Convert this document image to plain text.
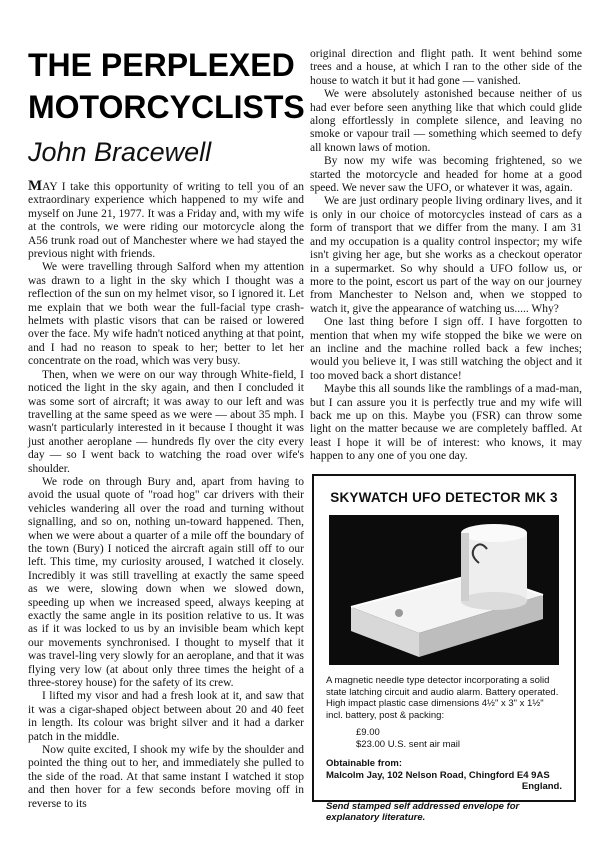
THE PERPLEXED
MOTORCYCLISTS
John Bracewell

MAY I take this opportunity of writing to tell you of an extraordinary experience which happened to my wife and myself on June 21, 1977. It was a Friday and, with my wife at the controls, we were riding our motorcycle along the A56 trunk road out of Manchester where we had stayed the previous night with friends.

We were travelling through Salford when my attention was drawn to a light in the sky which I thought was a reflection of the sun on my helmet visor, so I ignored it. Let me explain that we both wear the full-facial type crash-helmets with plastic visors that can be raised or lowered over the face. My wife hadn't noticed anything at that point, and I had no reason to speak to her; better to let her concentrate on the road, which was very busy.

Then, when we were on our way through White-field, I noticed the light in the sky again, and then I concluded it was some sort of aircraft; it was away to our left and was travelling at the same speed as we were — about 35 mph. I wasn't particularly interested in it because I thought it was just another aeroplane — hundreds fly over the city every day — so I went back to watching the road over wife's shoulder.

We rode on through Bury and, apart from having to avoid the usual quote of "road hog" car drivers with their vehicles wandering all over the road and turning without signalling, and so on, nothing un-toward happened. Then, when we were about a quarter of a mile off the boundary of the town (Bury) I noticed the aircraft again still off to our left. This time, my curiosity aroused, I watched it closely. Incredibly it was still travelling at exactly the same speed as we were, slowing down when we slowed down, speeding up when we increased speed, always keeping at exactly the same angle in its position relative to us. It was as if it was locked to us by an invisible beam which kept our movements synchronised. I thought to myself that it was travel-ling very slowly for an aeroplane, and that it was flying very low (at about only three times the height of a three-storey house) for the safety of its crew.

I lifted my visor and had a fresh look at it, and saw that it was a cigar-shaped object between about 20 and 40 feet in length. Its colour was bright silver and it had a darker patch in the middle.

Now quite excited, I shook my wife by the shoulder and pointed the thing out to her, and immediately she pulled to the side of the road. At that same instant I watched it stop and then hover for a few seconds before moving off in reverse to its

original direction and flight path. It went behind some trees and a house, at which I ran to the other side of the house to watch it but it had gone — vanished.

We were absolutely astonished because neither of us had ever before seen anything like that which could glide along effortlessly in complete silence, and leaving no smoke or vapour trail — something which seemed to defy all known laws of motion.

By now my wife was becoming frightened, so we started the motorcycle and headed for home at a good speed. We never saw the UFO, or whatever it was, again.

We are just ordinary people living ordinary lives, and it is only in our choice of motorcycles instead of cars as a form of transport that we differ from the many. I am 31 and my occupation is a quality control inspector; my wife isn't giving her age, but she works as a checkout operator in a supermarket. So why should a UFO follow us, or more to the point, escort us part of the way on our journey from Manchester to Nelson and, when we stopped to watch it, give the appearance of watching us..... Why?

One last thing before I sign off. I have forgotten to mention that when my wife stopped the bike we were on an incline and the machine rolled back a few inches; would you believe it, I was still watching the object and it too moved back a short distance!

Maybe this all sounds like the ramblings of a mad-man, but I can assure you it is perfectly true and my wife will back me up on this. Maybe you (FSR) can throw some light on the matter because we are completely baffled. At least I hope it will be of interest: who knows, it may happen to any one of you one day.

SKYWATCH UFO DETECTOR MK 3
A magnetic needle type detector incorporating a solid state latching circuit and audio alarm. Battery operated. High impact plastic case dimensions 4½" x 3" x 1½" incl. battery, post & packing:
£9.00
$23.00 U.S. sent air mail
Obtainable from:
Malcolm Jay, 102 Nelson Road, Chingford E4 9AS
England.
Send stamped self addressed envelope for explanatory literature.
